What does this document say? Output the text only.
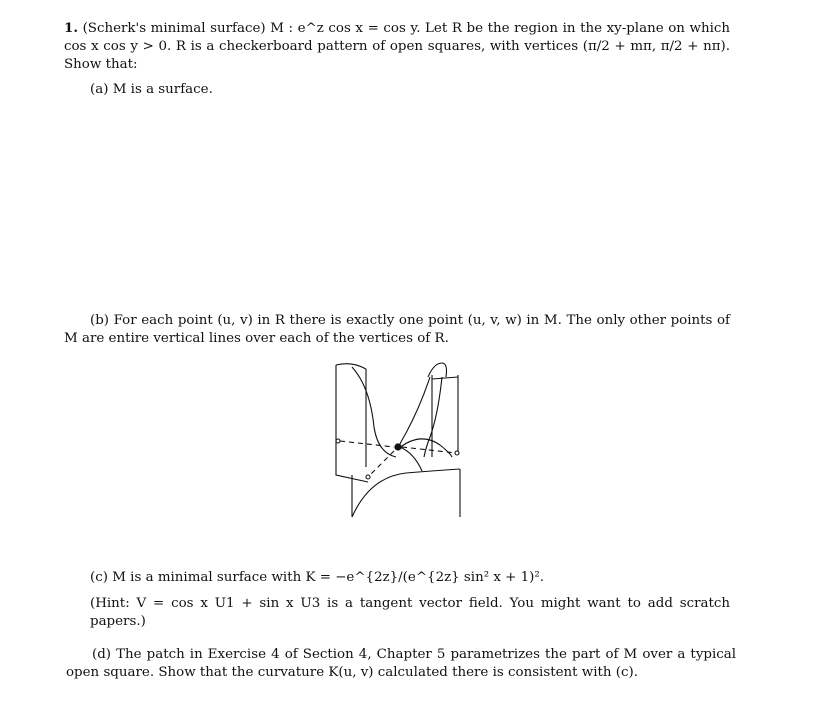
1. (Scherk's minimal surface) M : e^z cos x = cos y. Let R be the region in the xy-plane on which cos x cos y > 0. R is a checkerboard pattern of open squares, with vertices (π/2 + mπ, π/2 + nπ). Show that:
(a) M is a surface.
(b) For each point (u, v) in R there is exactly one point (u, v, w) in M. The only other points of M are entire vertical lines over each of the vertices of R.
(c) M is a minimal surface with K = −e^{2z}/(e^{2z} sin² x + 1)².
(Hint: V = cos x U1 + sin x U3 is a tangent vector field. You might want to add scratch papers.)
(d) The patch in Exercise 4 of Section 4, Chapter 5 parametrizes the part of M over a typical open square. Show that the curvature K(u, v) calculated there is consistent with (c).
